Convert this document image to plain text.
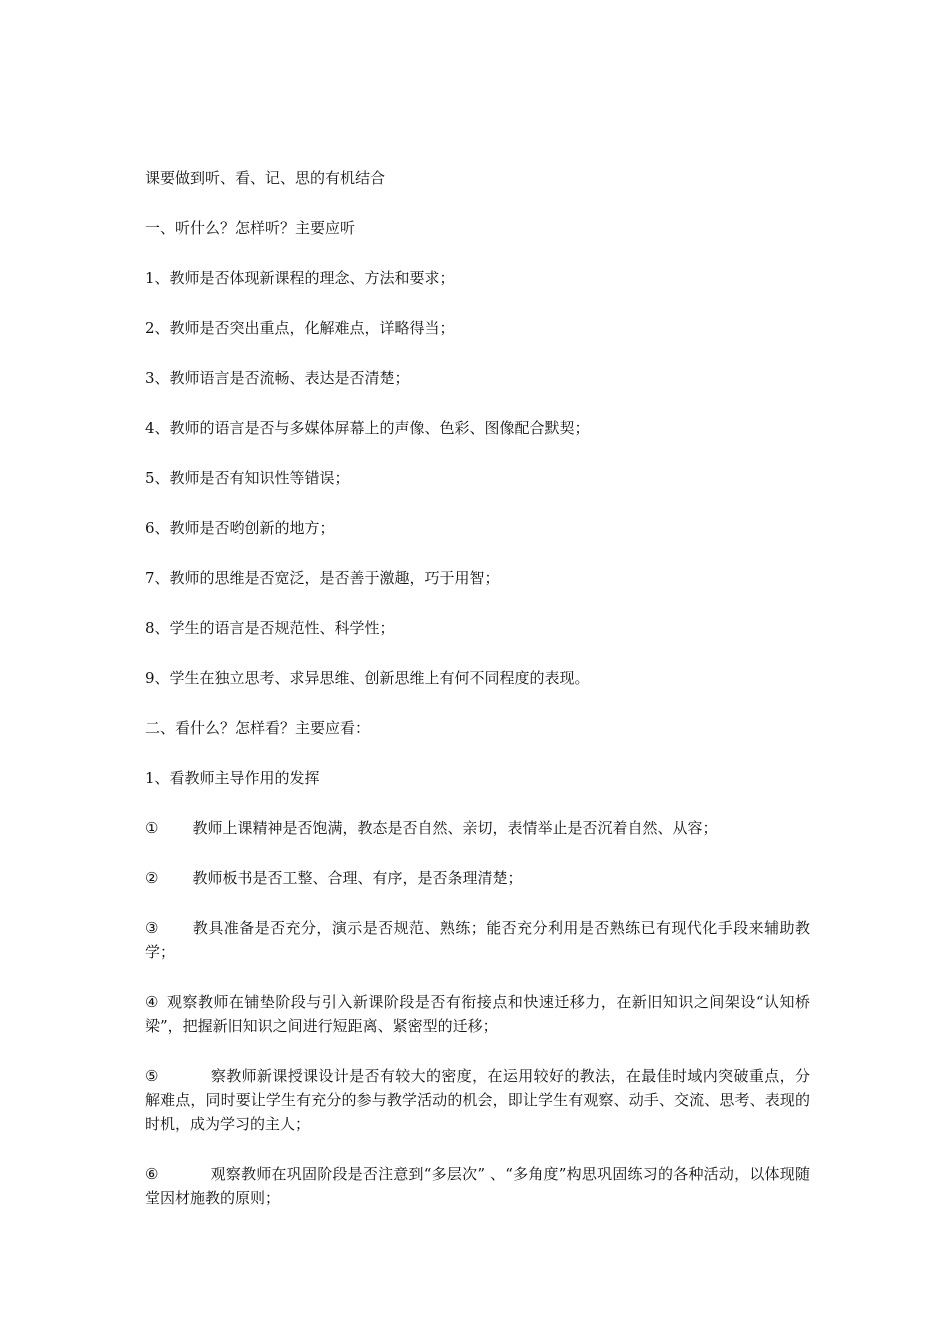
课要做到听、看、记、思的有机结合
一、听什么？怎样听？主要应听
1、教师是否体现新课程的理念、方法和要求；
2、教师是否突出重点，化解难点，详略得当；
3、教师语言是否流畅、表达是否清楚；
4、教师的语言是否与多媒体屏幕上的声像、色彩、图像配合默契；
5、教师是否有知识性等错误；
6、教师是否哟创新的地方；
7、教师的思维是否宽泛，是否善于激趣，巧于用智；
8、学生的语言是否规范性、科学性；
9、学生在独立思考、求异思维、创新思维上有何不同程度的表现。
二、看什么？怎样看？主要应看：
1、看教师主导作用的发挥
① 教师上课精神是否饱满，教态是否自然、亲切，表情举止是否沉着自然、从容；
② 教师板书是否工整、合理、有序，是否条理清楚；
③ 教具准备是否充分，演示是否规范、熟练；能否充分利用是否熟练已有现代化手段来辅助教学；
④ 观察教师在铺垫阶段与引入新课阶段是否有衔接点和快速迁移力，在新旧知识之间架设“认知桥梁”，把握新旧知识之间进行短距离、紧密型的迁移；
⑤	察教师新课授课设计是否有较大的密度，在运用较好的教法，在最佳时域内突破重点，分解难点，同时要让学生有充分的参与教学活动的机会，即让学生有观察、动手、交流、思考、表现的时机，成为学习的主人；
⑥	观察教师在巩固阶段是否注意到“多层次” 、“多角度”构思巩固练习的各种活动，以体现随堂因材施教的原则；
